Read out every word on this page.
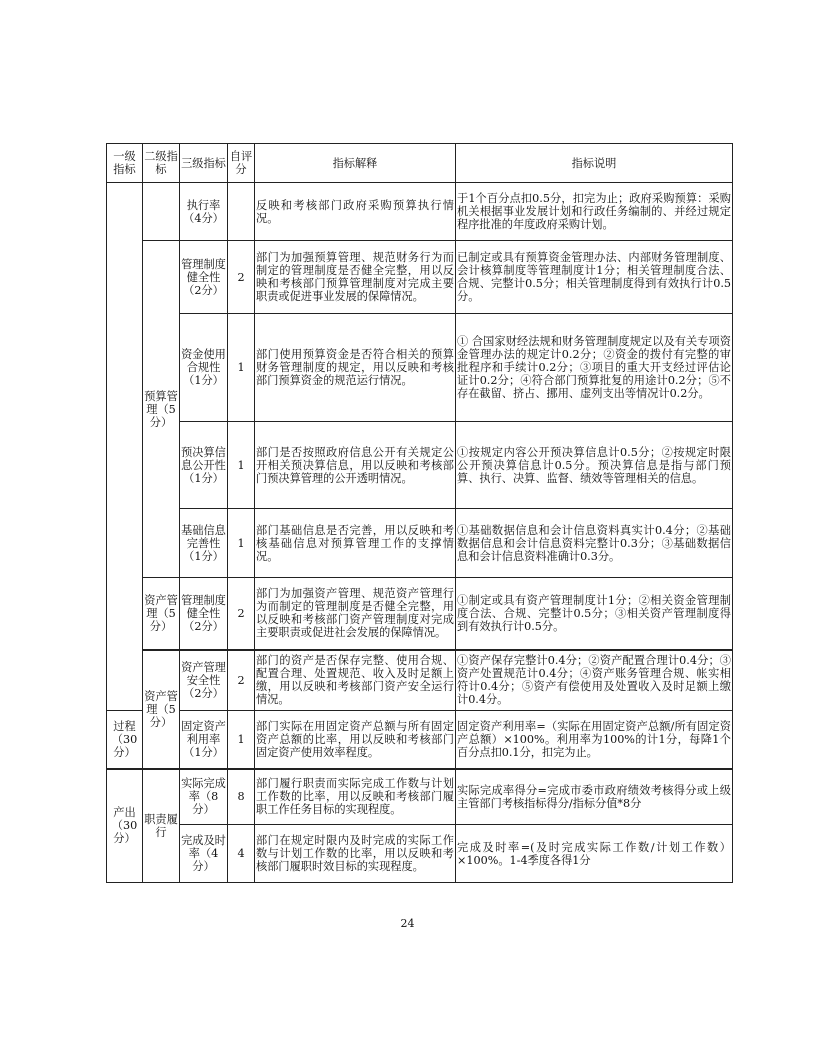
一级指标	二级指标	三级指标	自评分	指标解释	指标说明
		执行率（4分）		反映和考核部门政府采购预算执行情况。	于1个百分点扣0.5分，扣完为止；政府采购预算：采购机关根据事业发展计划和行政任务编制的、并经过规定程序批准的年度政府采购计划。
	预算管理（5分）	管理制度健全性（2分）	2	部门为加强预算管理、规范财务行为而制定的管理制度是否健全完整，用以反映和考核部门预算管理制度对完成主要职责或促进事业发展的保障情况。	已制定或具有预算资金管理办法、内部财务管理制度、会计核算制度等管理制度计1分；相关管理制度合法、合规、完整计0.5分；相关管理制度得到有效执行计0.5分。
		资金使用合规性（1分）	1	部门使用预算资金是否符合相关的预算财务管理制度的规定，用以反映和考核部门预算资金的规范运行情况。	① 合国家财经法规和财务管理制度规定以及有关专项资金管理办法的规定计0.2分；②资金的拨付有完整的审批程序和手续计0.2分；③项目的重大开支经过评估论证计0.2分；④符合部门预算批复的用途计0.2分；⑤不存在截留、挤占、挪用、虚列支出等情况计0.2分。
		预决算信息公开性（1分）	1	部门是否按照政府信息公开有关规定公开相关预决算信息，用以反映和考核部门预决算管理的公开透明情况。	①按规定内容公开预决算信息计0.5分；②按规定时限公开预决算信息计0.5分。预决算信息是指与部门预算、执行、决算、监督、绩效等管理相关的信息。
		基础信息完善性（1分）	1	部门基础信息是否完善，用以反映和考核基础信息对预算管理工作的支撑情况。	①基础数据信息和会计信息资料真实计0.4分；②基础数据信息和会计信息资料完整计0.3分；③基础数据信息和会计信息资料准确计0.3分。
	资产管理（5分）	管理制度健全性（2分）	2	部门为加强资产管理、规范资产管理行为而制定的管理制度是否健全完整，用以反映和考核部门资产管理制度对完成主要职责或促进社会发展的保障情况。	①制定或具有资产管理制度计1分；②相关资金管理制度合法、合规、完整计0.5分；③相关资产管理制度得到有效执行计0.5分。
	资产管理（5分）	资产管理安全性（2分）	2	部门的资产是否保存完整、使用合规、配置合理、处置规范、收入及时足额上缴，用以反映和考核部门资产安全运行情况。	①资产保存完整计0.4分；②资产配置合理计0.4分；③资产处置规范计0.4分；④资产账务管理合规、帐实相符计0.4分；⑤资产有偿使用及处置收入及时足额上缴计0.4分。
过程（30分）		固定资产利用率（1分）	1	部门实际在用固定资产总额与所有固定资产总额的比率，用以反映和考核部门固定资产使用效率程度。	固定资产利用率=（实际在用固定资产总额/所有固定资产总额）×100%。利用率为100%的计1分，每降1个百分点扣0.1分，扣完为止。
产出（30分）	职责履行	实际完成率（8分）	8	部门履行职责而实际完成工作数与计划工作数的比率，用以反映和考核部门履职工作任务目标的实现程度。	实际完成率得分=完成市委市政府绩效考核得分或上级主管部门考核指标得分/指标分值*8分
		完成及时率（4分）	4	部门在规定时限内及时完成的实际工作数与计划工作数的比率，用以反映和考核部门履职时效目标的实现程度。	完成及时率=(及时完成实际工作数/计划工作数）×100%。1-4季度各得1分
24
